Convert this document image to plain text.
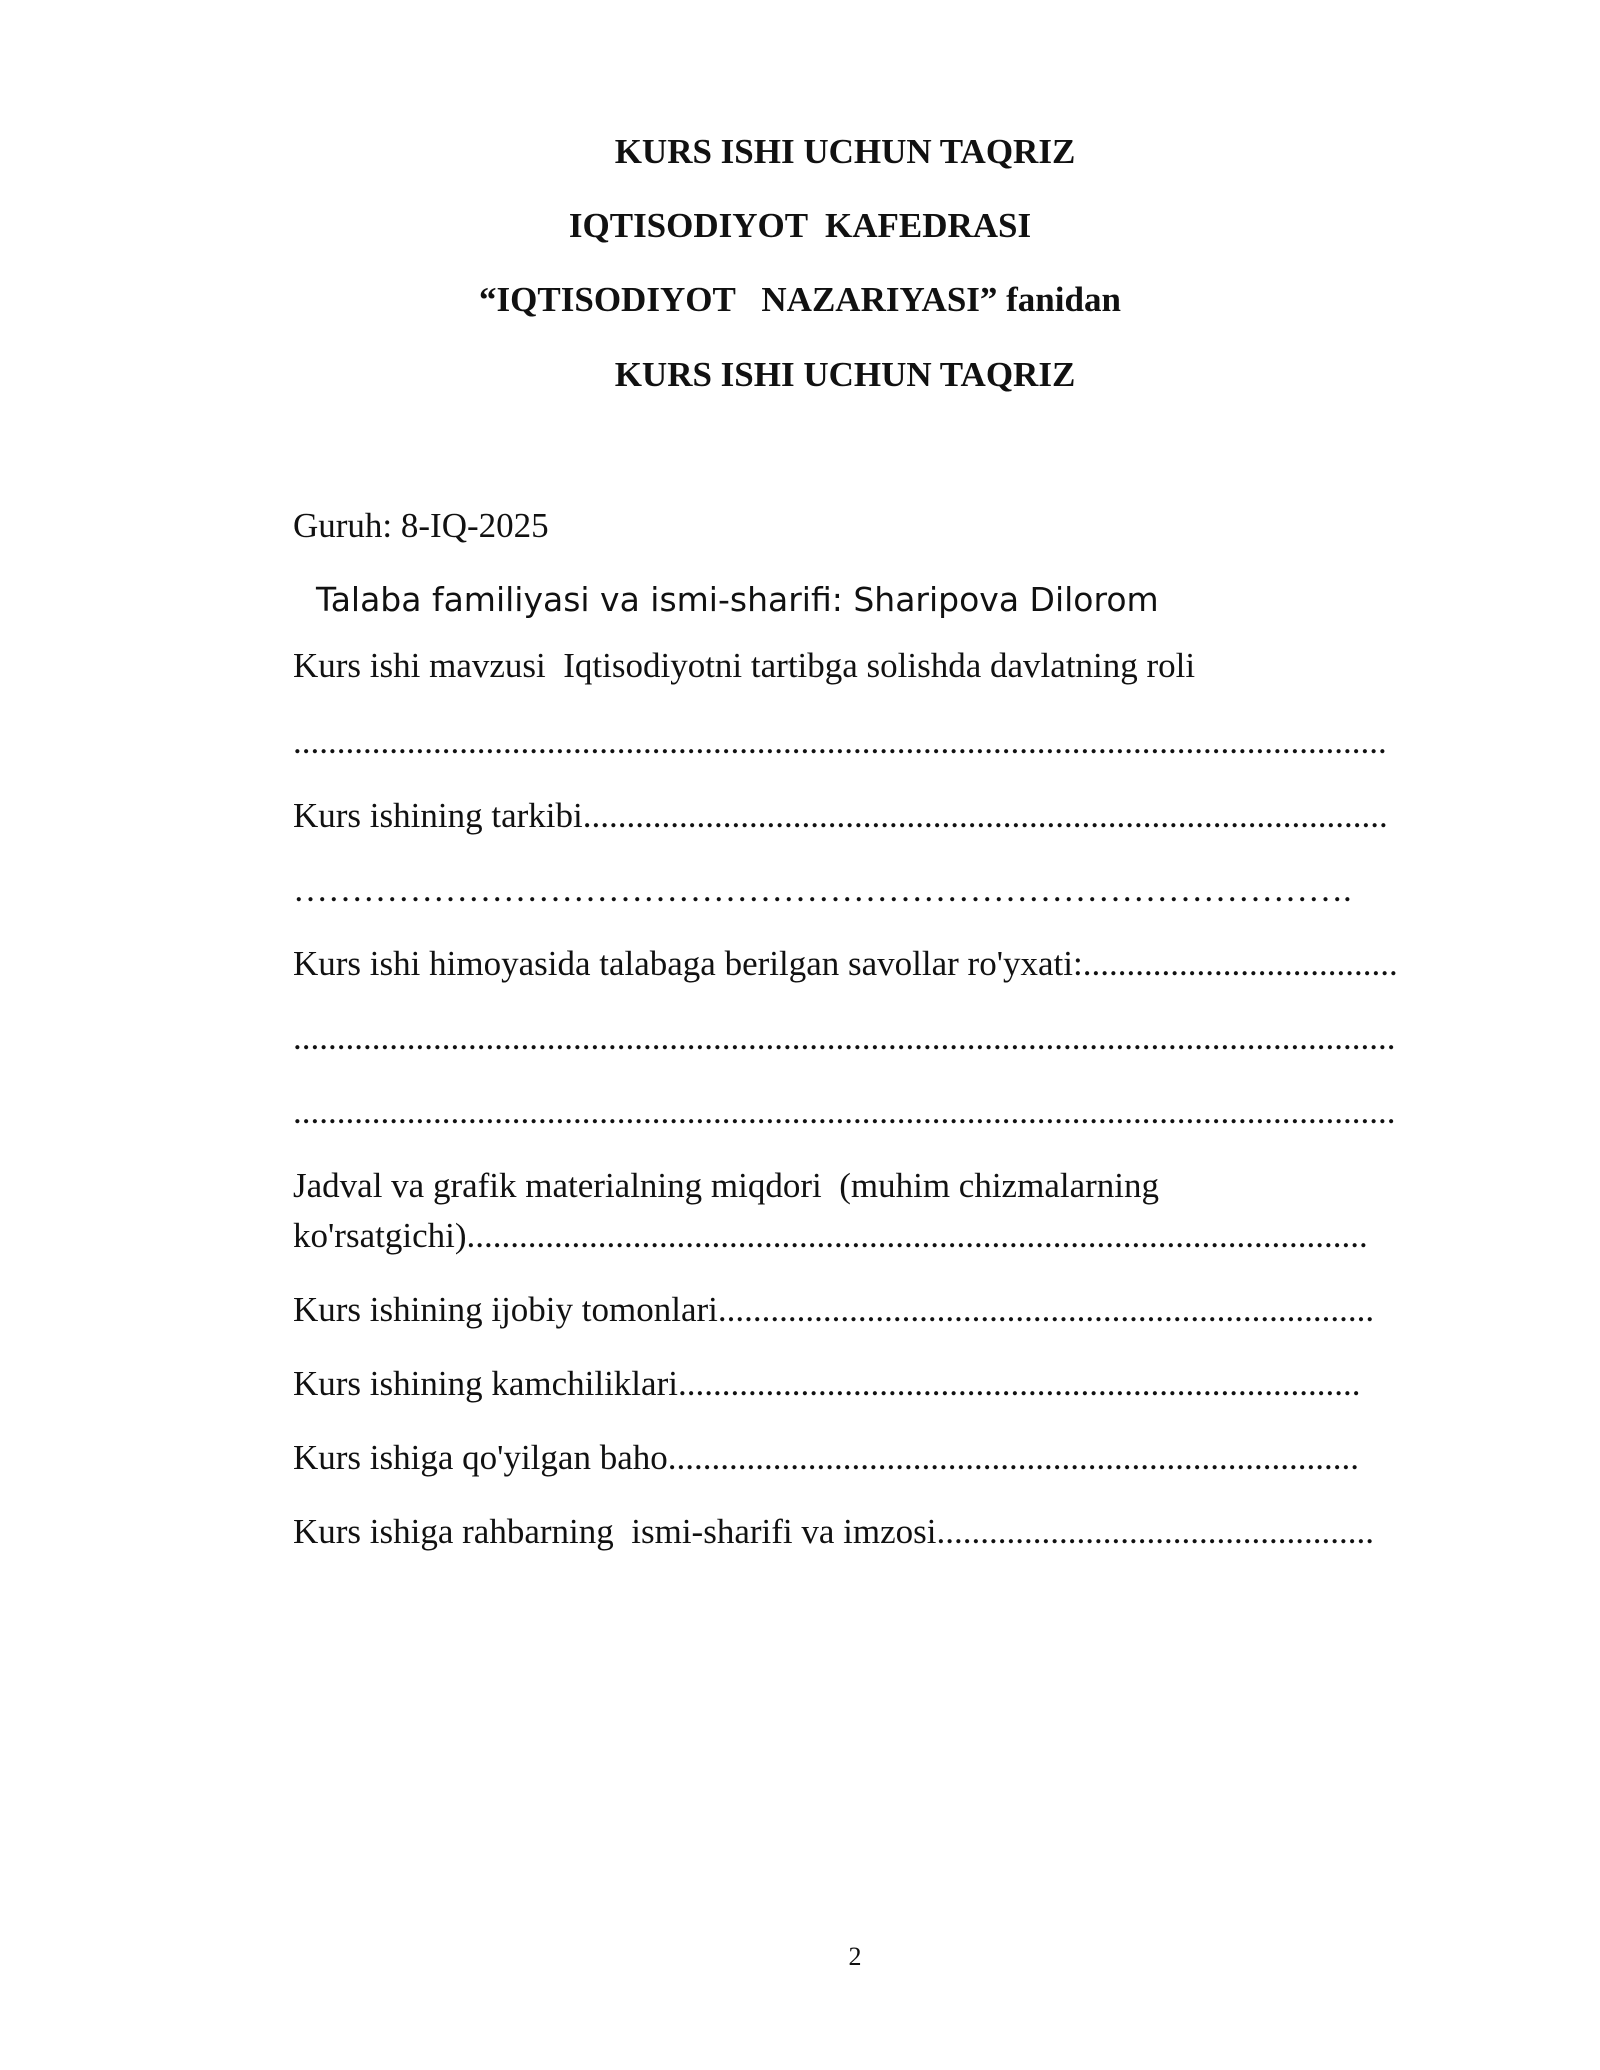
KURS ISHI UCHUN TAQRIZ
IQTISODIYOT  KAFEDRASI
“IQTISODIYOT   NAZARIYASI” fanidan
KURS ISHI UCHUN TAQRIZ
Guruh: 8-IQ-2025
Talaba familiyasi va ismi-sharifi: Sharipova Dilorom
Kurs ishi mavzusi  Iqtisodiyotni tartibga solishda davlatning roli
.............................................................................................................................
Kurs ishining tarkibi............................................................................................
……………………………………………………………………………….
Kurs ishi himoyasida talabaga berilgan savollar ro'yxati:....................................
..............................................................................................................................
..............................................................................................................................
Jadval va grafik materialning miqdori  (muhim chizmalarning
ko'rsatgichi).......................................................................................................
Kurs ishining ijobiy tomonlari...........................................................................
Kurs ishining kamchiliklari..............................................................................
Kurs ishiga qo'yilgan baho...............................................................................
Kurs ishiga rahbarning  ismi-sharifi va imzosi..................................................
2
